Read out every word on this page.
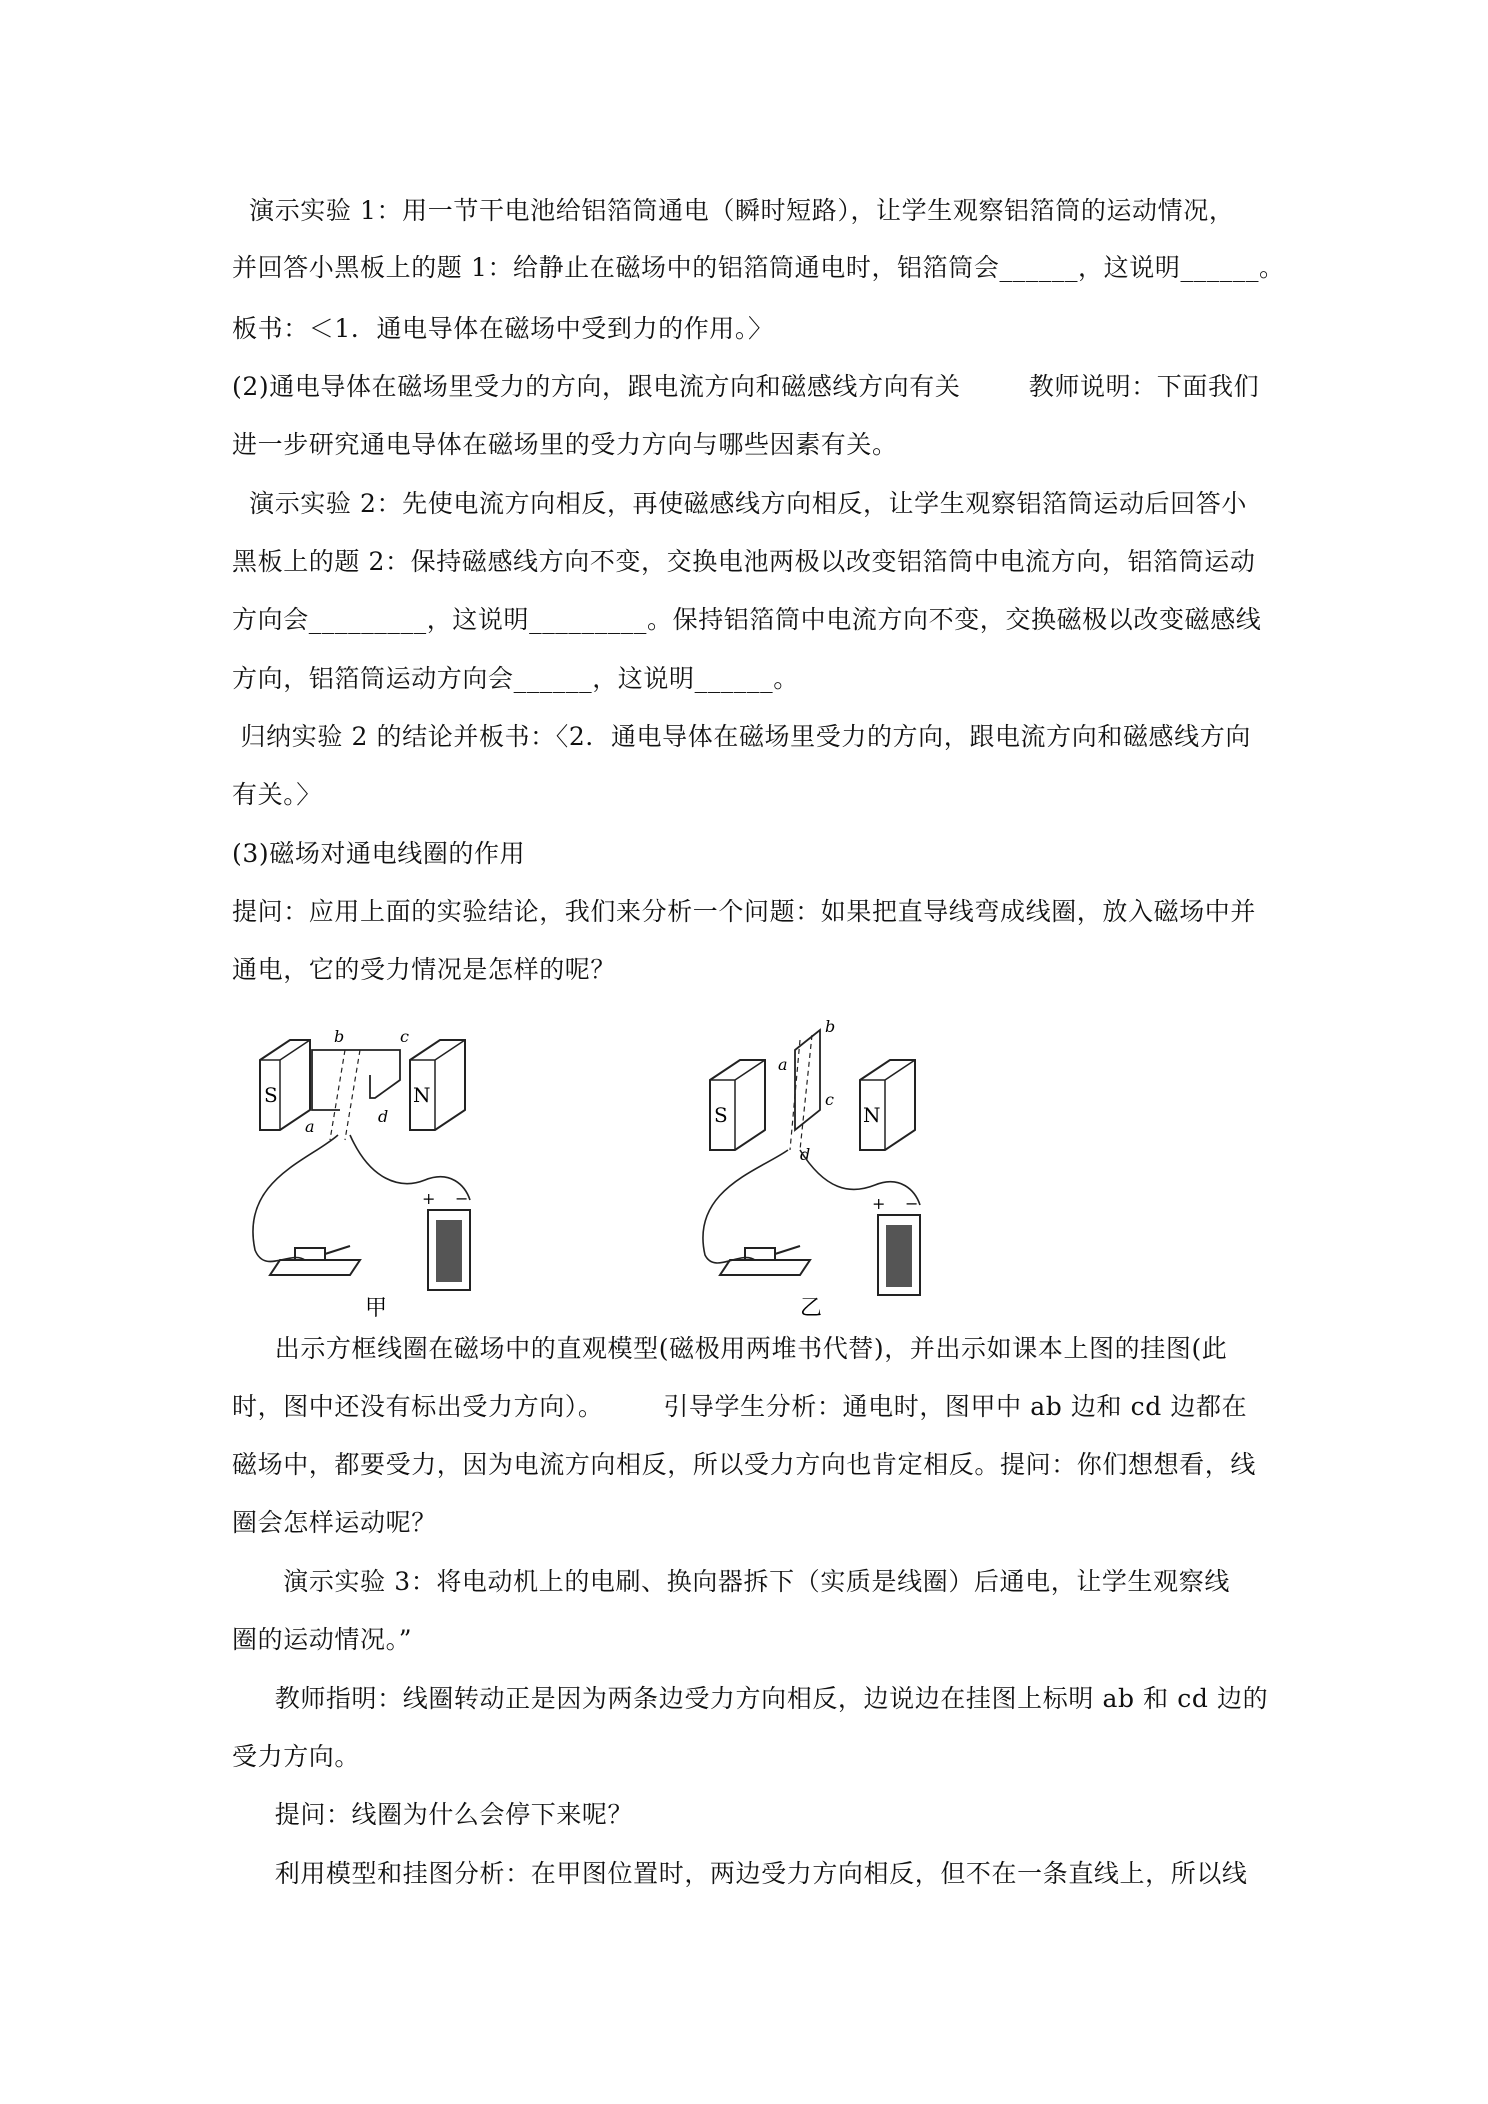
演示实验 1：用一节干电池给铝箔筒通电（瞬时短路），让学生观察铝箔筒的运动情况，
并回答小黑板上的题 1：给静止在磁场中的铝箔筒通电时，铝箔筒会______，这说明______。
板书：＜1．通电导体在磁场中受到力的作用。〉
(2)通电导体在磁场里受力的方向，跟电流方向和磁感线方向有关        教师说明：下面我们
进一步研究通电导体在磁场里的受力方向与哪些因素有关。
演示实验 2：先使电流方向相反，再使磁感线方向相反，让学生观察铝箔筒运动后回答小
黑板上的题 2：保持磁感线方向不变，交换电池两极以改变铝箔筒中电流方向，铝箔筒运动
方向会_________，这说明_________。保持铝箔筒中电流方向不变，交换磁极以改变磁感线
方向，铝箔筒运动方向会______，这说明______。
归纳实验 2 的结论并板书：〈2．通电导体在磁场里受力的方向，跟电流方向和磁感线方向
有关。〉
(3)磁场对通电线圈的作用
提问：应用上面的实验结论，我们来分析一个问题：如果把直导线弯成线圈，放入磁场中并
通电，它的受力情况是怎样的呢？
S	N
b	c
a
d
+ −
甲
S	N
b
a
c
d
+ −
乙
出示方框线圈在磁场中的直观模型(磁极用两堆书代替)，并出示如课本上图的挂图(此
时，图中还没有标出受力方向）。       引导学生分析：通电时，图甲中 ab 边和 cd 边都在
磁场中，都要受力，因为电流方向相反，所以受力方向也肯定相反。提问：你们想想看，线
圈会怎样运动呢？
演示实验 3：将电动机上的电刷、换向器拆下（实质是线圈）后通电，让学生观察线
圈的运动情况。”
教师指明：线圈转动正是因为两条边受力方向相反，边说边在挂图上标明 ab 和 cd 边的
受力方向。
提问：线圈为什么会停下来呢？
利用模型和挂图分析：在甲图位置时，两边受力方向相反，但不在一条直线上，所以线
